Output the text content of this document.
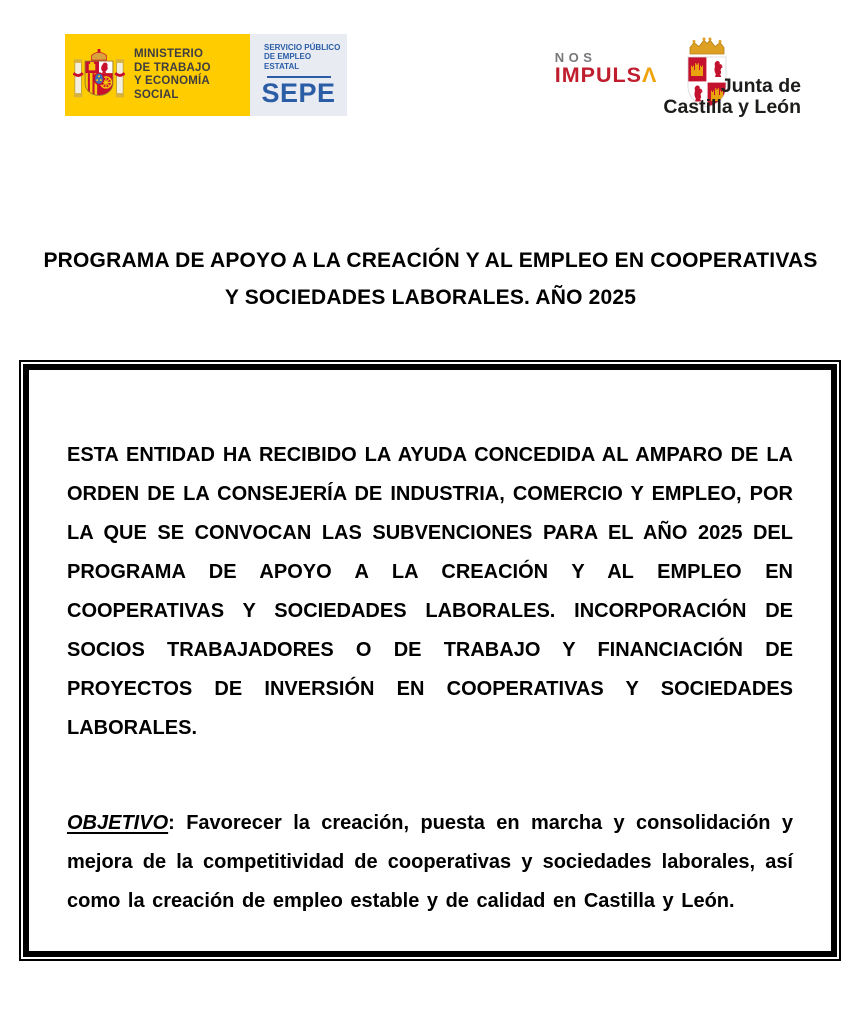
MINISTERIO
DE TRABAJO
Y ECONOMÍA SOCIAL
SERVICIO PÚBLICO
DE EMPLEO ESTATAL
SEPE
NOS
IMPULSΛ	Junta de
Castilla y León
PROGRAMA DE APOYO A LA CREACIÓN Y AL EMPLEO EN COOPERATIVAS
Y SOCIEDADES LABORALES. AÑO 2025

ESTA ENTIDAD HA RECIBIDO LA AYUDA CONCEDIDA AL AMPARO DE LA ORDEN DE LA CONSEJERÍA DE INDUSTRIA, COMERCIO Y EMPLEO, POR LA QUE SE CONVOCAN LAS SUBVENCIONES PARA EL AÑO 2025 DEL PROGRAMA DE APOYO A LA CREACIÓN Y AL EMPLEO EN COOPERATIVAS Y SOCIEDADES LABORALES. INCORPORACIÓN DE SOCIOS TRABAJADORES O DE TRABAJO Y FINANCIACIÓN DE PROYECTOS DE INVERSIÓN EN COOPERATIVAS Y SOCIEDADES LABORALES.

OBJETIVO: Favorecer la creación, puesta en marcha y consolidación y mejora de la competitividad de cooperativas y sociedades laborales, así como la creación de empleo estable y de calidad en Castilla y León.
